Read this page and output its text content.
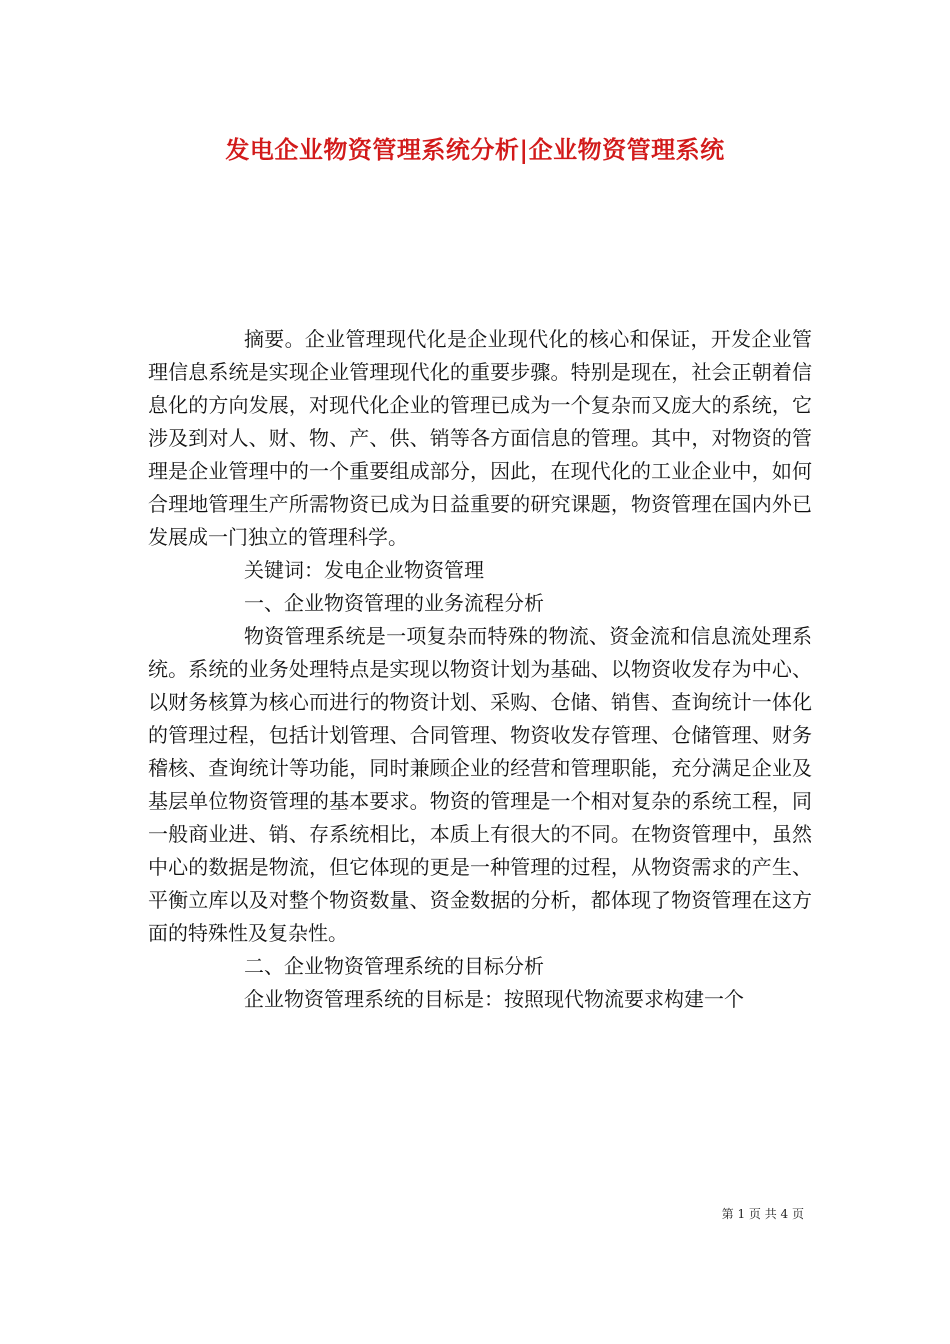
发电企业物资管理系统分析|企业物资管理系统

摘要。企业管理现代化是企业现代化的核心和保证，开发企业管理信息系统是实现企业管理现代化的重要步骤。特别是现在，社会正朝着信息化的方向发展，对现代化企业的管理已成为一个复杂而又庞大的系统，它涉及到对人、财、物、产、供、销等各方面信息的管理。其中，对物资的管理是企业管理中的一个重要组成部分，因此，在现代化的工业企业中，如何合理地管理生产所需物资已成为日益重要的研究课题，物资管理在国内外已发展成一门独立的管理科学。

关键词：发电企业物资管理

一、企业物资管理的业务流程分析

物资管理系统是一项复杂而特殊的物流、资金流和信息流处理系统。系统的业务处理特点是实现以物资计划为基础、以物资收发存为中心、以财务核算为核心而进行的物资计划、采购、仓储、销售、查询统计一体化的管理过程，包括计划管理、合同管理、物资收发存管理、仓储管理、财务稽核、查询统计等功能，同时兼顾企业的经营和管理职能，充分满足企业及基层单位物资管理的基本要求。物资的管理是一个相对复杂的系统工程，同一般商业进、销、存系统相比，本质上有很大的不同。在物资管理中，虽然中心的数据是物流，但它体现的更是一种管理的过程，从物资需求的产生、平衡立库以及对整个物资数量、资金数据的分析，都体现了物资管理在这方面的特殊性及复杂性。

二、企业物资管理系统的目标分析

企业物资管理系统的目标是：按照现代物流要求构建一个

第 1 页 共 4 页
